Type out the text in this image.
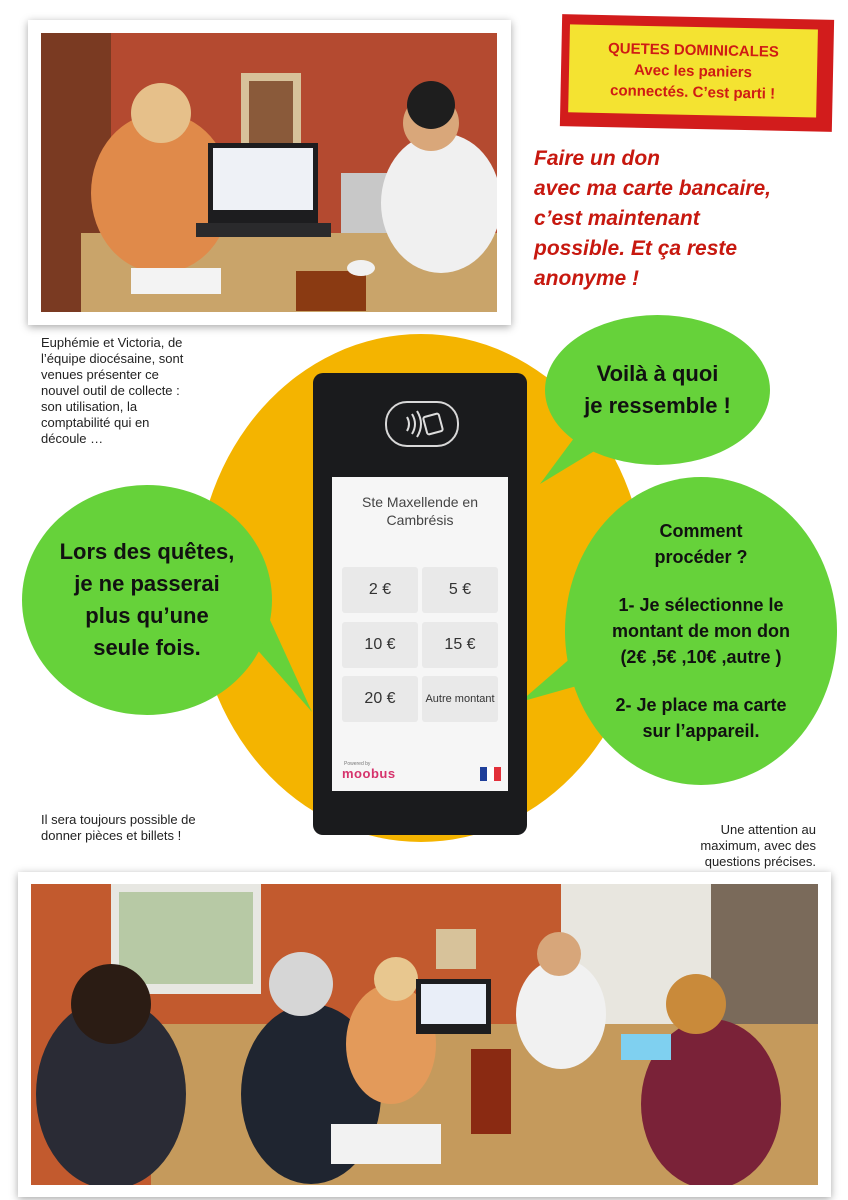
QUETES DOMINICALES
Avec les paniers
connectés. C’est parti !
Faire un don
avec ma carte bancaire,
c’est maintenant
possible. Et ça reste
anonyme !
Euphémie et Victoria, de
l’équipe diocésaine, sont
venues présenter ce
nouvel outil de collecte :
son utilisation, la
comptabilité qui en
découle …
Ste Maxellende en
Cambrésis
2 €	5 €
10 €	15 €
20 €	Autre montant
Powered by
moobus
Voilà à quoi
je ressemble !
Lors des quêtes,
je ne passerai
plus qu’une
seule fois.
Comment
procéder ?
1- Je sélectionne le
montant de mon don
(2€ ,5€ ,10€ ,autre )
2- Je place ma carte
sur l’appareil.
Il sera toujours possible de
donner pièces et billets !	Une attention au
maximum, avec des
questions précises.
